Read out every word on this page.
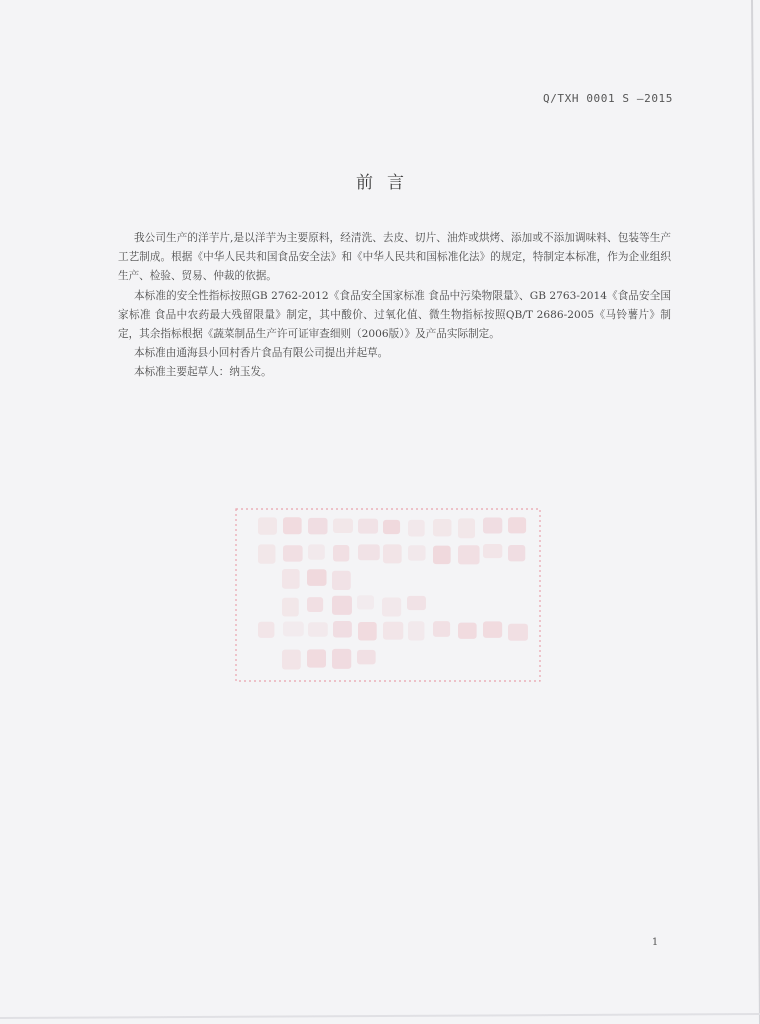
Q/TXH 0001 S —2015
前言

我公司生产的洋芋片,是以洋芋为主要原料，经清洗、去皮、切片、油炸或烘烤、添加或不添加调味料、包装等生产工艺制成。根据《中华人民共和国食品安全法》和《中华人民共和国标准化法》的规定，特制定本标准，作为企业组织生产、检验、贸易、仲裁的依据。

本标准的安全性指标按照GB 2762-2012《食品安全国家标准 食品中污染物限量》、GB 2763-2014《食品安全国家标准 食品中农药最大残留限量》制定，其中酸价、过氧化值、微生物指标按照QB/T 2686-2005《马铃薯片》制定，其余指标根据《蔬菜制品生产许可证审查细则（2006版）》及产品实际制定。

本标准由通海县小回村香片食品有限公司提出并起草。

本标准主要起草人：纳玉发。

1
